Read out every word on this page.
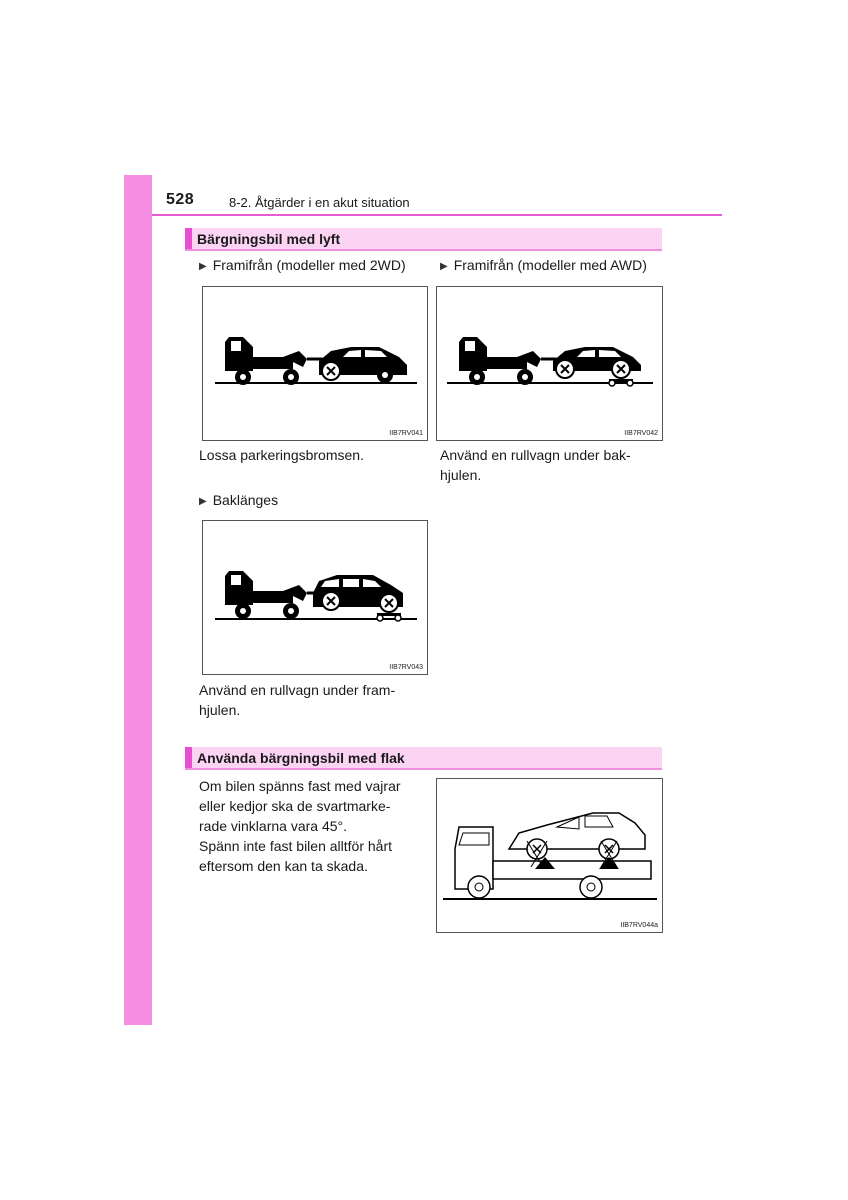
528	8-2. Åtgärder i en akut situation
Bärgningsbil med lyft
▶ Framifrån (modeller med 2WD)	▶ Framifrån (modeller med AWD)
IIB7RV041	IIB7RV042
Lossa parkeringsbromsen.	Använd en rullvagn under bak-
hjulen.
▶ Baklänges
IIB7RV043
Använd en rullvagn under fram-
hjulen.
Använda bärgningsbil med flak
Om bilen spänns fast med vajrar
eller kedjor ska de svartmarke-
rade vinklarna vara 45°.
Spänn inte fast bilen alltför hårt
eftersom den kan ta skada.
IIB7RV044a
